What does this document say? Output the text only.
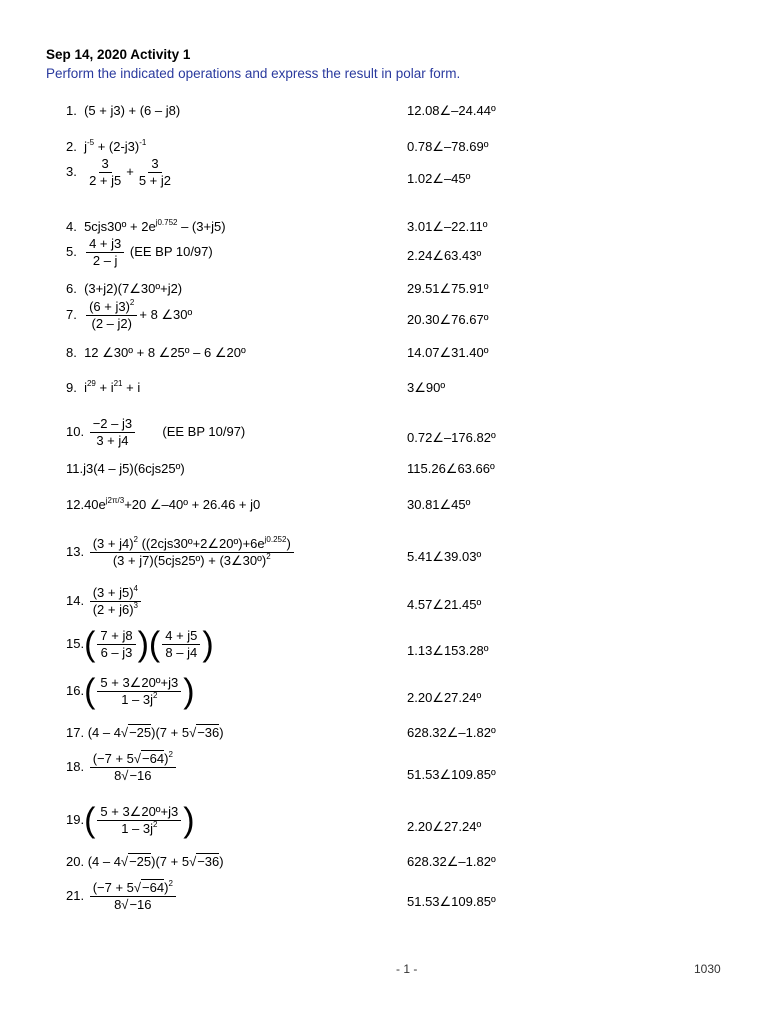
Sep 14, 2020 Activity 1
Perform the indicated operations and express the result in polar form.
1. (5 + j3) + (6 – j8)	12.08∠–24.44º
2.  $j^{-5} + (2-j3)^{-1}$	0.78∠–78.69º
3. $\frac{3}{2 + j5} + \frac{3}{5 + j2}$	1.02∠–45º
4.  5cjs30º + $2e^{j0.752} - (3+j5)$	3.01∠–22.11º
5. $\frac{4 + j3}{2 - j} (EE$ BP 10/97)	2.24∠63.43º
6. (3+j2)(7∠30º+j2)	29.51∠75.91º
7. $\frac{(6 + j3)^2}{(2 - j2)} + 8$ ∠30º	20.30∠76.67º
8. 12 ∠30º + 8 ∠25º – 6 ∠20º	14.07∠31.40º
9.  $i^{29} + i^{21} + i$	3∠90º
10. $\frac{-2 - j3}{3 + j4} (EE$ BP 10/97)	0.72∠–176.82º
11.j3(4 – j5)(6cjs25º)	115.26∠63.66º
$12.40e^{j2\pi/3}+20$ ∠–40º + 26.46 + j0	30.81∠45º
13. $\frac{(3 + j4)^2 ((2cjs30º+2\angle 20º)+6e^{j0.252})}{(3 + j7)(5cjs25º) + (3\angle 30º)^2}$	5.41∠39.03º
14. $\frac{(3 + j5)^4}{(2 + j6)^3}$	4.57∠21.45º
$15.( \frac{7 + j8}{6 - j3}$ )( $\frac{4 + j5}{8 - j4}$ )	1.13∠153.28º
$16.( \frac{\text{5 + 3∠20º+j3}}{1 - 3j^2}$ )	2.20∠27.24º
17. (4 – 4√−25)(7 + 5√−36)	628.32∠–1.82º
18. $\frac{(-7 + 5√-64)^2}{8√-16}$	51.53∠109.85º
$19.( \frac{\text{5 + 3∠20º+j3}}{1 - 3j^2}$ )	2.20∠27.24º
20. (4 – 4√−25)(7 + 5√−36)	628.32∠–1.82º
21. $\frac{(-7 + 5√-64)^2}{8√-16}$	51.53∠109.85º
- 1 -	1030
